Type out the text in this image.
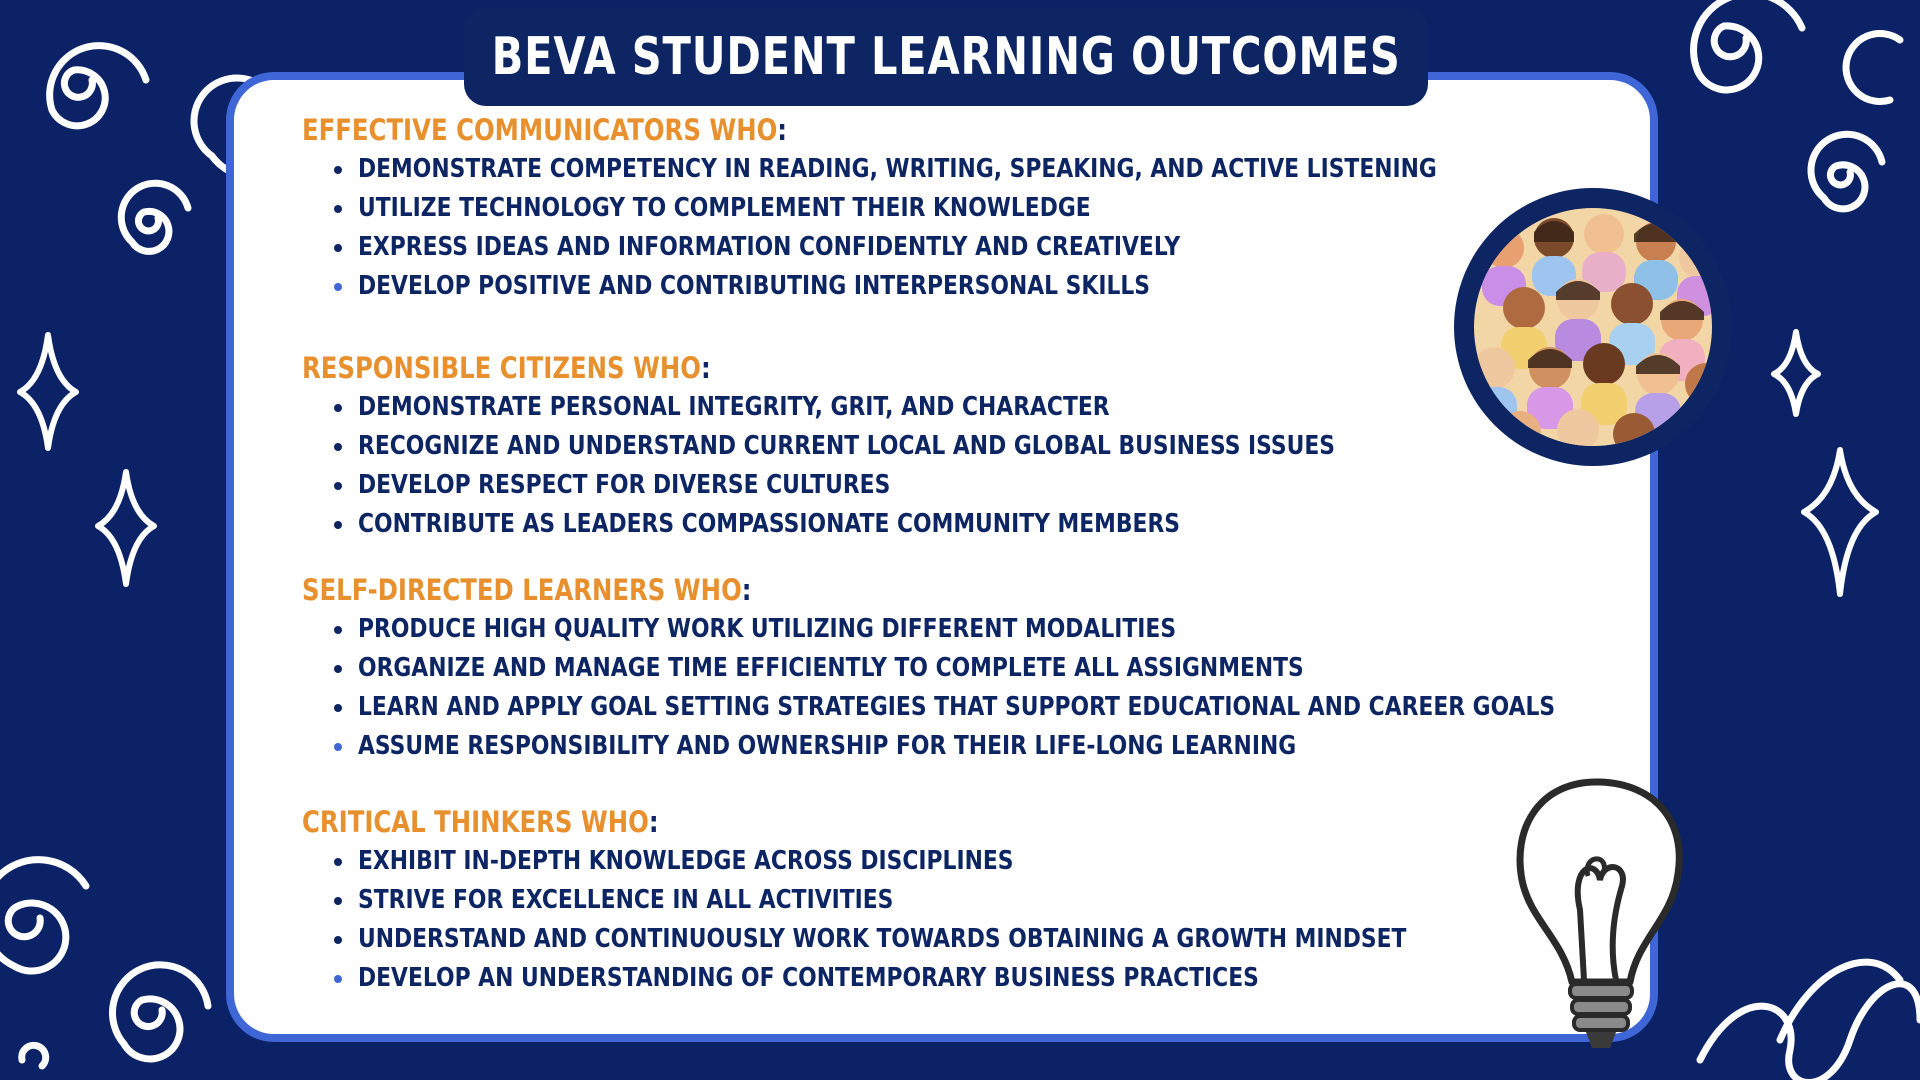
BEVA STUDENT LEARNING OUTCOMES
EFFECTIVE COMMUNICATORS WHO:
DEMONSTRATE COMPETENCY IN READING, WRITING, SPEAKING, AND ACTIVE LISTENING
UTILIZE TECHNOLOGY TO COMPLEMENT THEIR KNOWLEDGE
EXPRESS IDEAS AND INFORMATION CONFIDENTLY AND CREATIVELY
DEVELOP POSITIVE AND CONTRIBUTING INTERPERSONAL SKILLS
RESPONSIBLE CITIZENS WHO:
DEMONSTRATE PERSONAL INTEGRITY, GRIT, AND CHARACTER
RECOGNIZE AND UNDERSTAND CURRENT LOCAL AND GLOBAL BUSINESS ISSUES
DEVELOP RESPECT FOR DIVERSE CULTURES
CONTRIBUTE AS LEADERS COMPASSIONATE COMMUNITY MEMBERS
SELF-DIRECTED LEARNERS WHO:
PRODUCE HIGH QUALITY WORK UTILIZING DIFFERENT MODALITIES
ORGANIZE AND MANAGE TIME EFFICIENTLY TO COMPLETE ALL ASSIGNMENTS
LEARN AND APPLY GOAL SETTING STRATEGIES THAT SUPPORT EDUCATIONAL AND CAREER GOALS
ASSUME RESPONSIBILITY AND OWNERSHIP FOR THEIR LIFE-LONG LEARNING
CRITICAL THINKERS WHO:
EXHIBIT IN-DEPTH KNOWLEDGE ACROSS DISCIPLINES
STRIVE FOR EXCELLENCE IN ALL ACTIVITIES
UNDERSTAND AND CONTINUOUSLY WORK TOWARDS OBTAINING A GROWTH MINDSET
DEVELOP AN UNDERSTANDING OF CONTEMPORARY BUSINESS PRACTICES
